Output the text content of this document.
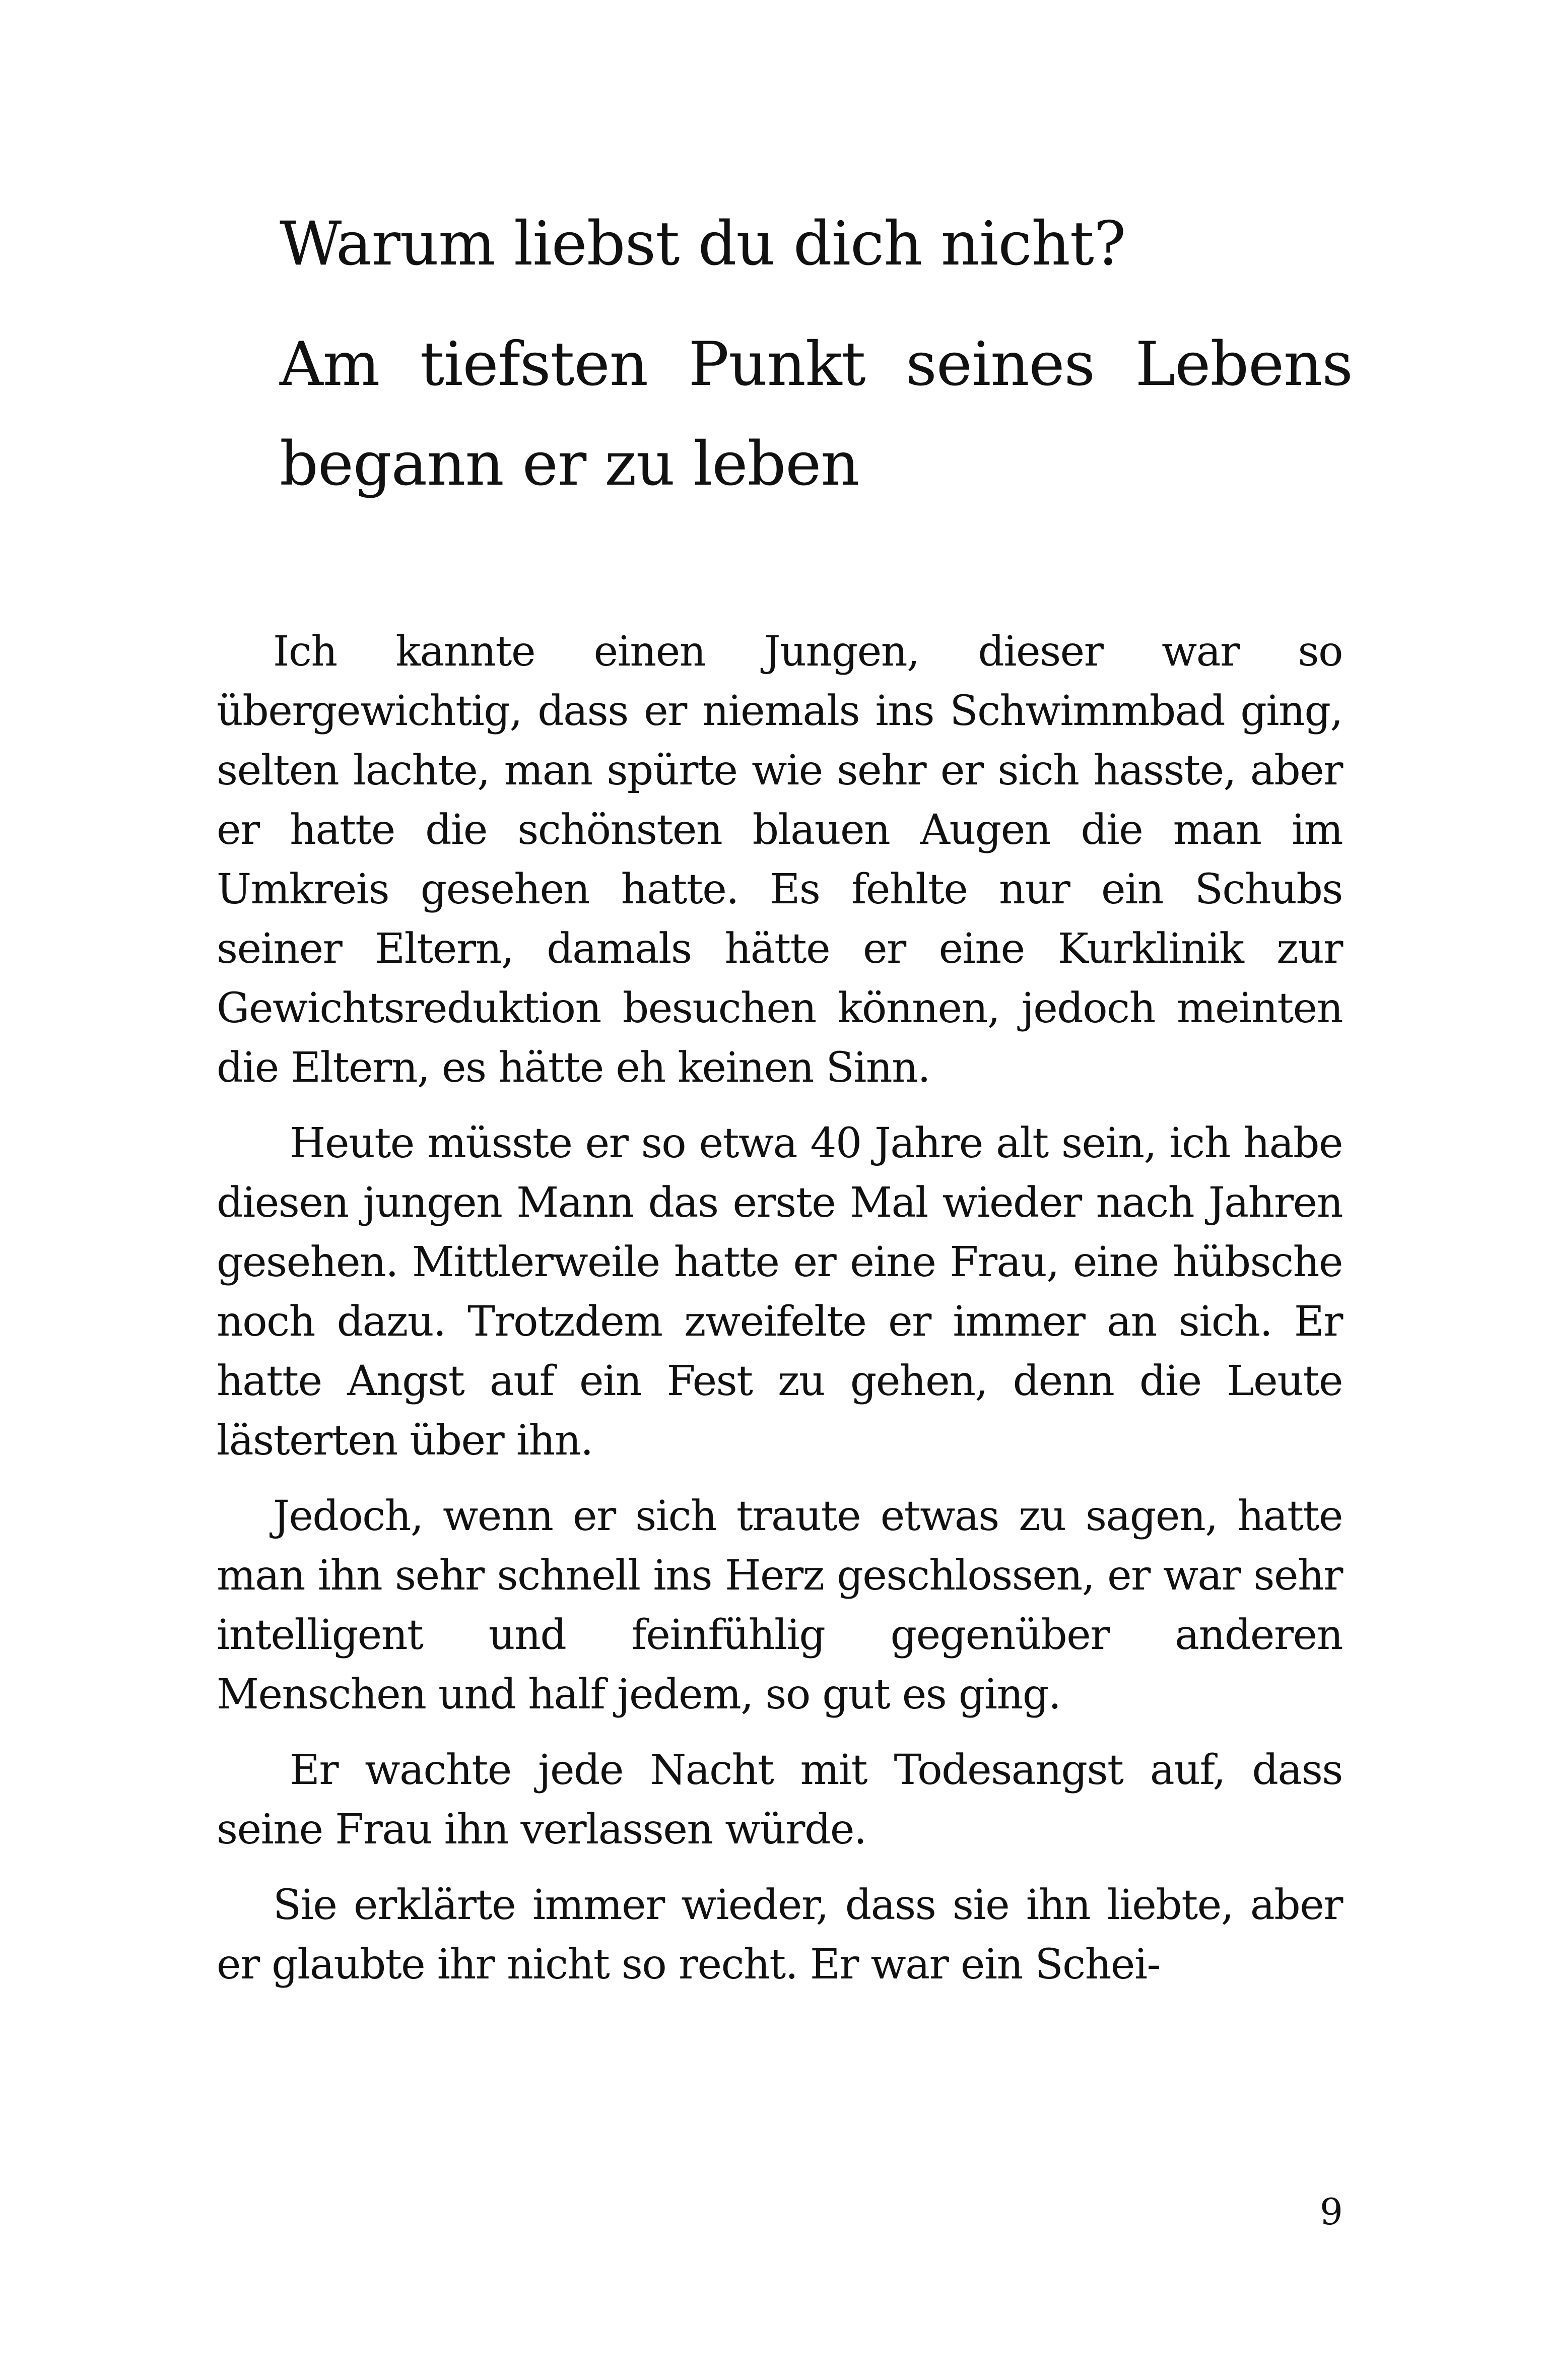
Warum liebst du dich nicht?
Am tiefsten Punkt seines Lebens begann er zu leben

Ich kannte einen Jungen, dieser war so übergewichtig, dass er niemals ins Schwimmbad ging, selten lachte, man spürte wie sehr er sich hasste, aber er hatte die schönsten blauen Augen die man im Umkreis gesehen hatte. Es fehlte nur ein Schubs seiner Eltern, damals hätte er eine Kurklinik zur Gewichtsreduktion besuchen können, jedoch meinten die Eltern, es hätte eh keinen Sinn.

Heute müsste er so etwa 40 Jahre alt sein, ich habe diesen jungen Mann das erste Mal wieder nach Jahren gesehen. Mittlerweile hatte er eine Frau, eine hübsche noch dazu. Trotzdem zweifelte er immer an sich. Er hatte Angst auf ein Fest zu gehen, denn die Leute lästerten über ihn.

Jedoch, wenn er sich traute etwas zu sagen, hatte man ihn sehr schnell ins Herz geschlossen, er war sehr intelligent und feinfühlig gegenüber anderen Menschen und half jedem, so gut es ging.

Er wachte jede Nacht mit Todesangst auf, dass seine Frau ihn verlassen würde.

Sie erklärte immer wieder, dass sie ihn liebte, aber er glaubte ihr nicht so recht. Er war ein Schei-

9
